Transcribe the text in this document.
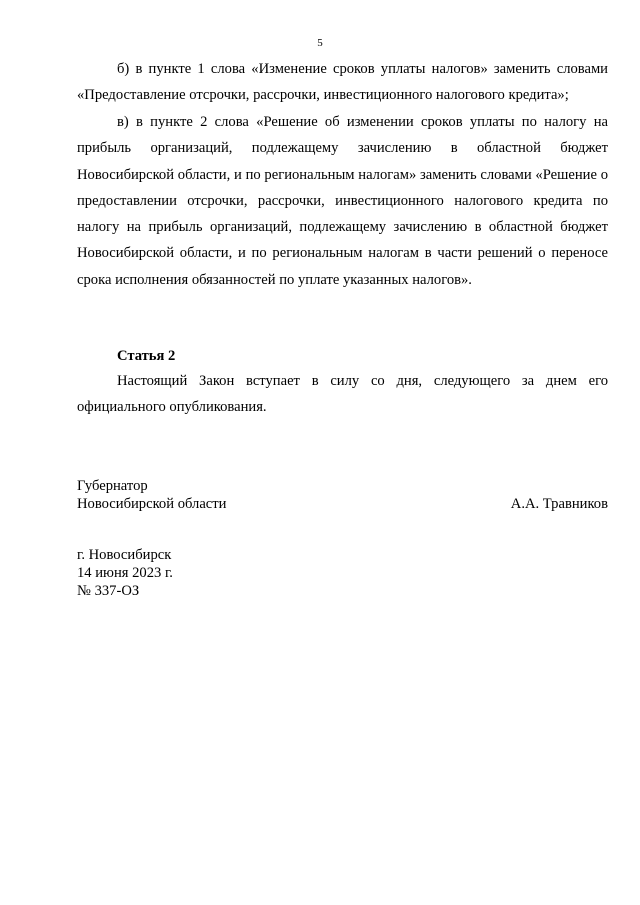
5

б) в пункте 1 слова «Изменение сроков уплаты налогов» заменить словами «Предоставление отсрочки, рассрочки, инвестиционного налогового кредита»;

в) в пункте 2 слова «Решение об изменении сроков уплаты по налогу на прибыль организаций, подлежащему зачислению в областной бюджет Новосибирской области, и по региональным налогам» заменить словами «Решение о предоставлении отсрочки, рассрочки, инвестиционного налогового кредита по налогу на прибыль организаций, подлежащему зачислению в областной бюджет Новосибирской области, и по региональным налогам в части решений о переносе срока исполнения обязанностей по уплате указанных налогов».

Статья 2

Настоящий Закон вступает в силу со дня, следующего за днем его официального опубликования.

Губернатор
Новосибирской области	А.А. Травников
г. Новосибирск
14 июня 2023 г.
№ 337-ОЗ
